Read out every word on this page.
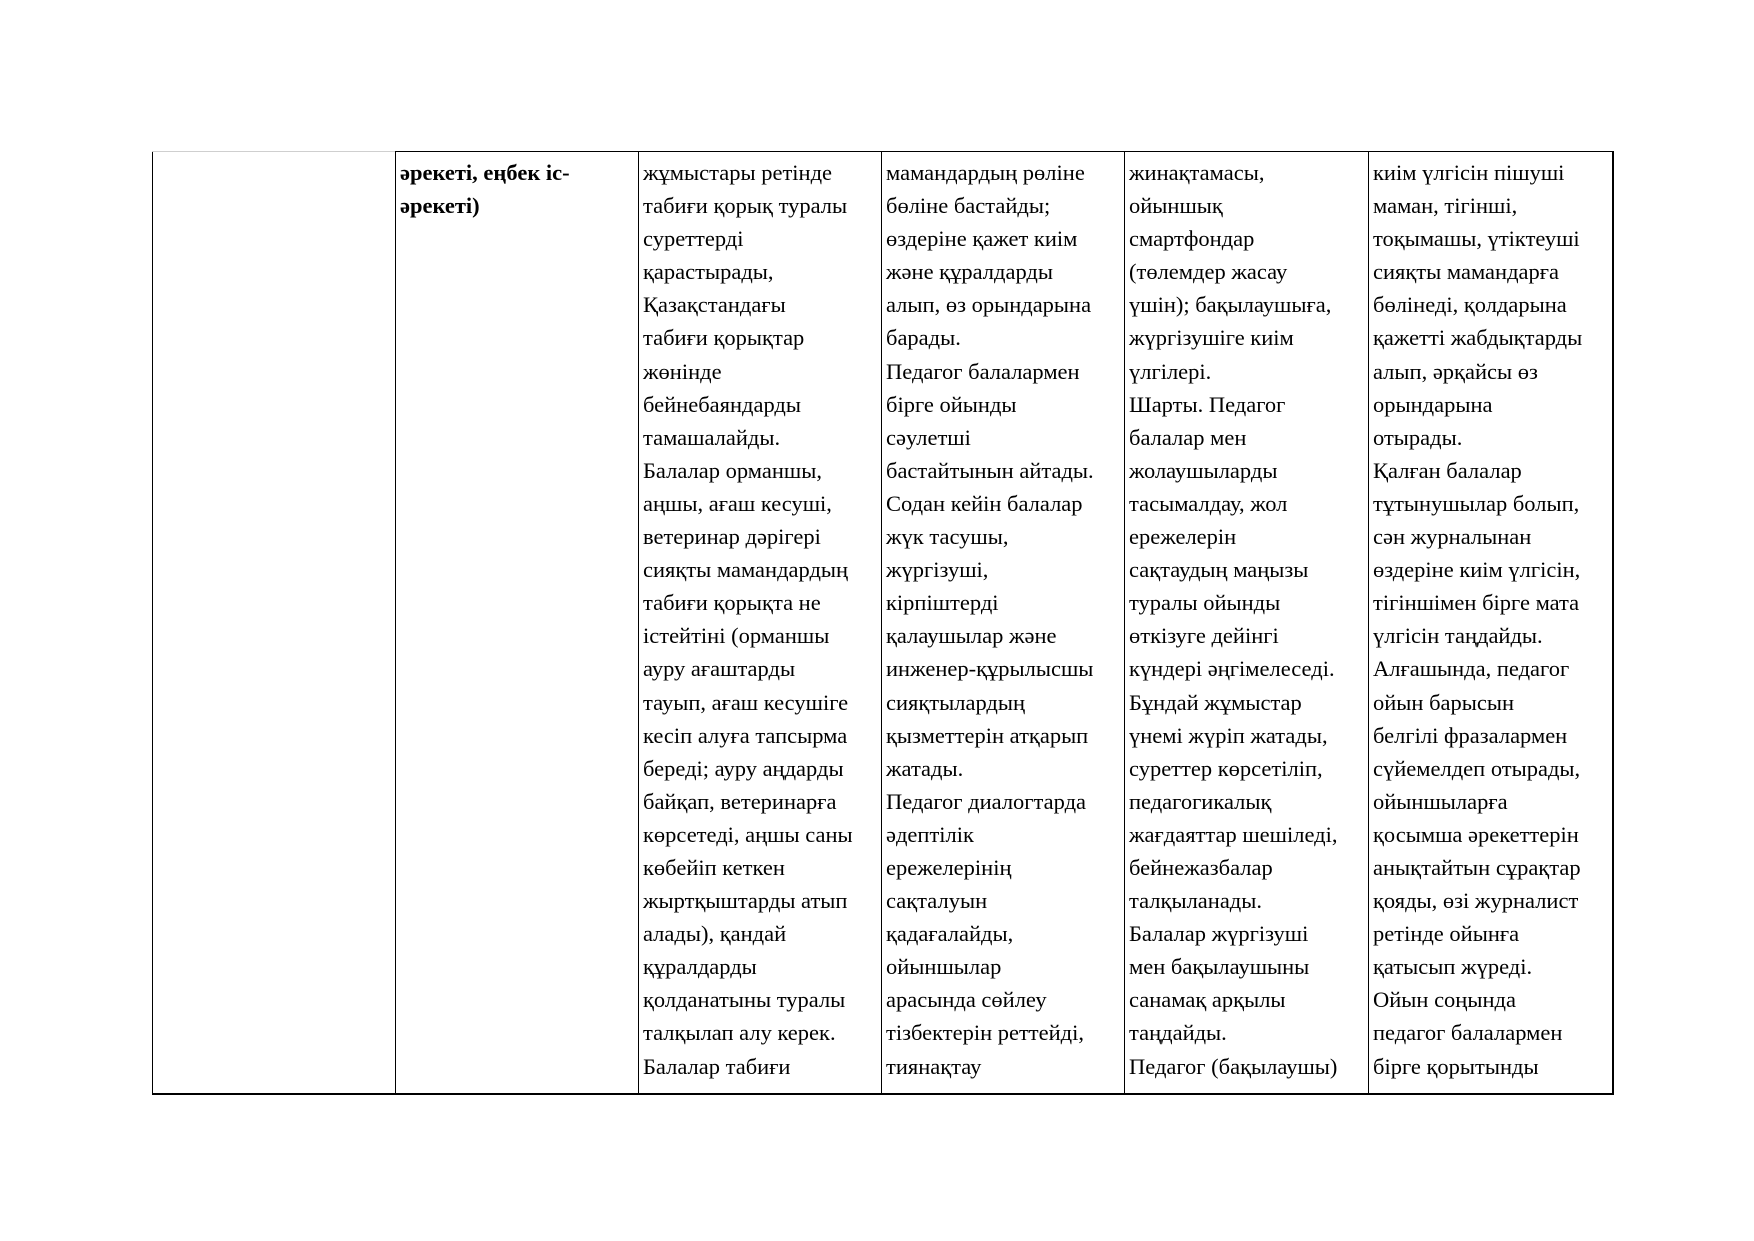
әрекеті, еңбек іс-
әрекеті)

жұмыстары ретінде
табиғи қорық туралы
суреттерді
қарастырады,
Қазақстандағы
табиғи қорықтар
жөнінде
бейнебаяндарды
тамашалайды.
Балалар орманшы,
аңшы, ағаш кесуші,
ветеринар дәрігері
сияқты мамандардың
табиғи қорықта не
істейтіні (орманшы
ауру ағаштарды
тауып, ағаш кесушіге
кесіп алуға тапсырма
береді; ауру аңдарды
байқап, ветеринарға
көрсетеді, аңшы саны
көбейіп кеткен
жыртқыштарды атып
алады), қандай
құралдарды
қолданатыны туралы
талқылап алу керек.
Балалар табиғи

мамандардың рөліне
бөліне бастайды;
өздеріне қажет киім
және құралдарды
алып, өз орындарына
барады.
Педагог балалармен
бірге ойынды
сәулетші
бастайтынын айтады.
Содан кейін балалар
жүк тасушы,
жүргізуші,
кірпіштерді
қалаушылар және
инженер-құрылысшы
сияқтылардың
қызметтерін атқарып
жатады.
Педагог диалогтарда
әдептілік
ережелерінің
сақталуын
қадағалайды,
ойыншылар
арасында сөйлеу
тізбектерін реттейді,
тиянақтау

жинақтамасы,
ойыншық
смартфондар
(төлемдер жасау
үшін); бақылаушыға,
жүргізушіге киім
үлгілері.
Шарты. Педагог
балалар мен
жолаушыларды
тасымалдау, жол
ережелерін
сақтаудың маңызы
туралы ойынды
өткізуге дейінгі
күндері әңгімелеседі.
Бұндай жұмыстар
үнемі жүріп жатады,
суреттер көрсетіліп,
педагогикалық
жағдаяттар шешіледі,
бейнежазбалар
талқыланады.
Балалар жүргізуші
мен бақылаушыны
санамақ арқылы
таңдайды.
Педагог (бақылаушы)

киім үлгісін пішуші
маман, тігінші,
тоқымашы, үтіктеуші
сияқты мамандарға
бөлінеді, қолдарына
қажетті жабдықтарды
алып, әрқайсы өз
орындарына
отырады.
Қалған балалар
тұтынушылар болып,
сән журналынан
өздеріне киім үлгісін,
тігіншімен бірге мата
үлгісін таңдайды.
Алғашында, педагог
ойын барысын
белгілі фразалармен
сүйемелдеп отырады,
ойыншыларға
қосымша әрекеттерін
анықтайтын сұрақтар
қояды, өзі журналист
ретінде ойынға
қатысып жүреді.
Ойын соңында
педагог балалармен
бірге қорытынды
